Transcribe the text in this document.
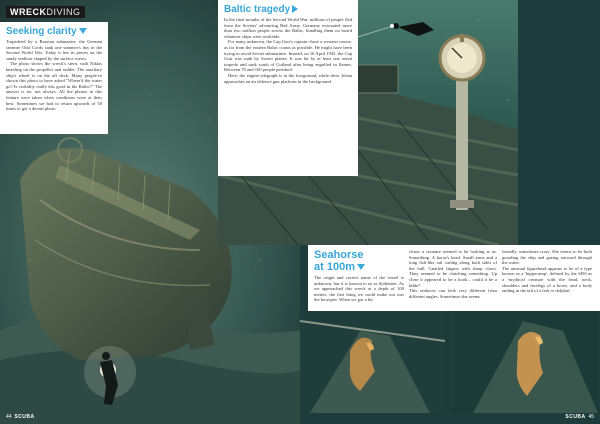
WRECKDIVING
Seeking clarity
Torpedoed by a Russian submarine, the German steamer Otto Cords sank one summer's day in the Second World War. Today it lies in pieces on the sandy seafloor shaped by the surface waves.
The photo shows the wreck's stern, with Niklas kneeling on the propeller and rudder. The auxiliary ship's wheel is on the aft deck. Many people've shown this photo to have asked "Where'd the water go? Is visibility really this good in the Baltic?" The answer is no, not always. All the photos in this feature were taken when conditions were at their best. Sometimes we had to return upwards of 50 times to get a decent photo.
44 SCUBA
Baltic tragedy
In the final months of the Second World War, millions of people fled from the Soviets' advancing Red Army. Germany evacuated more than two million people across the Baltic, bundling them on board whatever ships were available.
For many unknown, the Cap Guir's captain chose a western course, as far from the eastern Baltic coasts as possible. He might have been trying to avoid Soviet submarines. Instead, on 16 April 1945, the Cap Guir was sunk by Soviet planes. It was hit by at least one aerial torpedo and sank south of Gotland after being engulfed in flames. Between 70 and 160 people perished.
Here, the engine telegraph is in the foreground, while diver Johan approaches an air defence gun platform in the background.
Seahorse
at 100m
The origin and correct name of the vessel is unknown, but it is known to us as Sjöhästen. As we approached this wreck at a depth of 100 metres, the first thing we could make out was the bowsprit. When we got a bit
closer a creature seemed to be looking at us. Something. A horse's head. Small arms and a long fish-like tail curling along both sides of the hull. Gnarled fingers with sharp claws. They seemed to be clutching something. Up close it appeared to be a book... could it be a bible?
This seahorse can look very different from different angles. Sometimes she seems
friendly, sometimes scary. She seems to be both guarding the ship and gazing outward through the water.
The unusual figurehead appears to be of a type known as a 'hippocamp', defined by the SDS as a 'mythical creature with the head, neck, shoulders and forelegs of a horse, and a body ending in the tail of a fish or dolphin'.
SCUBA 45
